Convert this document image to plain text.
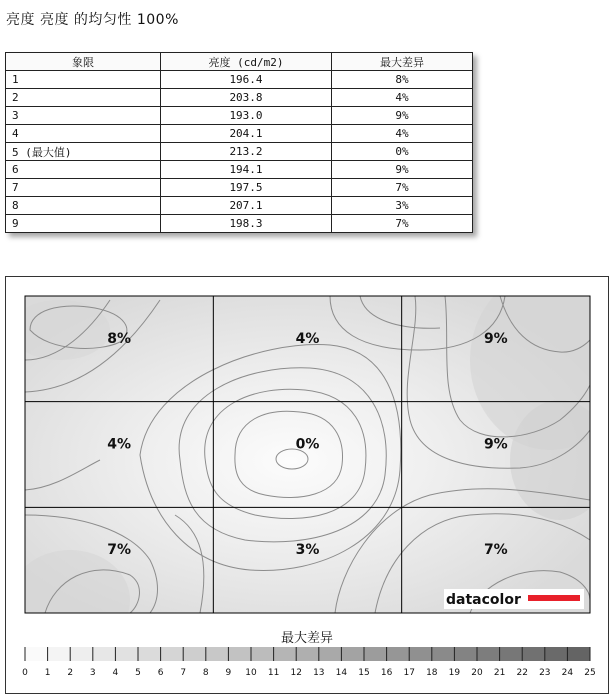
亮度 亮度 的均匀性 100%
象限	亮度 (cd/m2)	最大差异
1	196.4	8%
2	203.8	4%
3	193.0	9%
4	204.1	4%
5 (最大值)	213.2	0%
6	194.1	9%
7	197.5	7%
8	207.1	3%
9	198.3	7%
8%	4%	9%
4%	0%	9%
7%	3%	7%
datacolor
0 1 2 3 4 5 6 7 8 9 10 11 12 13 14 15 16 17 18 19 20 21 22 23 24 25
最大差异
